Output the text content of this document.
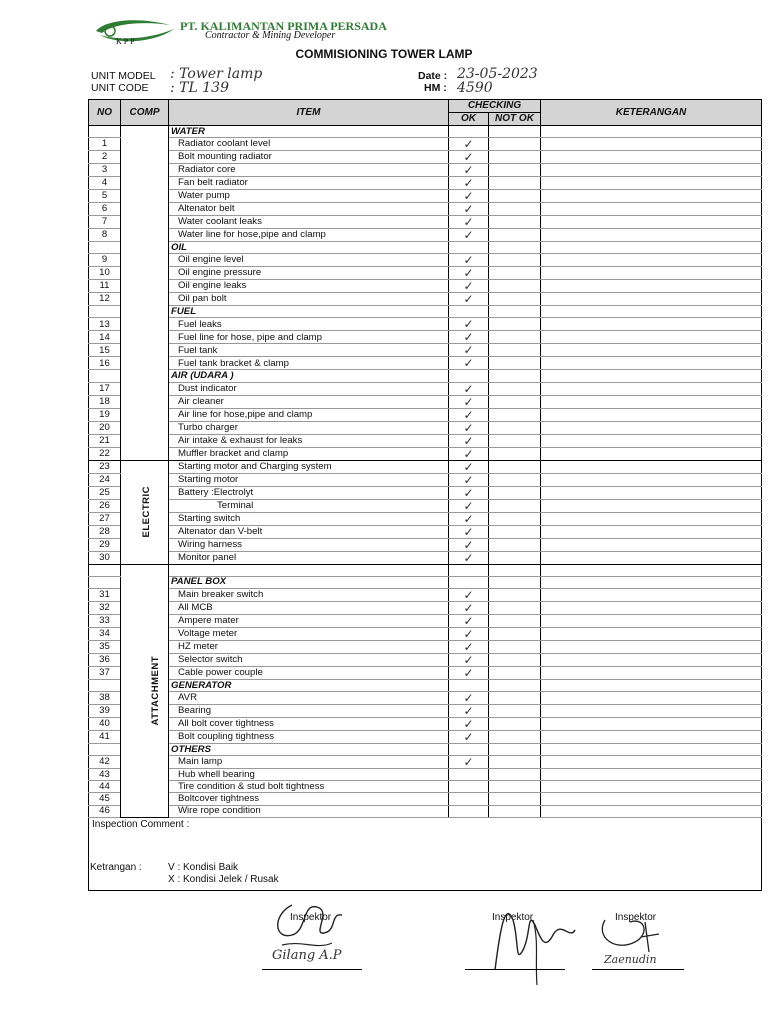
KPP
PT. KALIMANTAN PRIMA PERSADA
Contractor & Mining Developer
COMMISIONING TOWER LAMP
UNIT MODEL : Tower lamp
UNIT CODE : TL 139
Date : 23-05-2023
HM : 4590
NO	COMP	ITEM	CHECKING		KETERANGAN
			OK	NOT OK	
		WATER			
1		Radiator coolant level	✓		
2		Bolt mounting radiator	✓		
3		Radiator core	✓		
4		Fan belt radiator	✓		
5		Water pump	✓		
6		Altenator belt	✓		
7		Water coolant leaks	✓		
8		Water line for hose,pipe and clamp	✓		
		OIL			
9		Oil engine level	✓		
10		Oil engine pressure	✓		
11		Oil engine leaks	✓		
12		Oil pan bolt	✓		
		FUEL			
13		Fuel leaks	✓		
14		Fuel line for hose, pipe and clamp	✓		
15		Fuel tank	✓		
16		Fuel tank bracket & clamp	✓		
		AIR (UDARA )			
17		Dust indicator	✓		
18		Air cleaner	✓		
19		Air line for hose,pipe and clamp	✓		
20		Turbo charger	✓		
21		Air intake & exhaust for leaks	✓		
22		Muffler bracket and clamp	✓		
23	ELECTRIC	Starting motor and Charging system	✓		
24		Starting motor	✓		
25		Battery :Electrolyt	✓		
26		Terminal	✓		
27		Starting switch	✓		
28		Altenator dan V-belt	✓		
29		Wiring harness	✓		
30		Monitor panel	✓		
	ATTACHMENT				
		PANEL BOX			
31		Main breaker switch	✓		
32		All MCB	✓		
33		Ampere mater	✓		
34		Voltage meter	✓		
35		HZ meter	✓		
36		Selector switch	✓		
37		Cable power couple	✓		
		GENERATOR			
38		AVR	✓		
39		Bearing	✓		
40		All bolt cover tightness	✓		
41		Bolt coupling tightness	✓		
		OTHERS			
42		Main lamp	✓		
43		Hub whell bearing			
44		Tire condition & stud bolt tightness			
45		Boltcover tightness			
46		Wire rope condition			
Inspection Comment :					
Ketrangan :	V : Kondisi Baik
X : Kondisi Jelek / Rusak
Inspektor
Gilang A.P
Inspektor	Inspektor
Zaenudin
